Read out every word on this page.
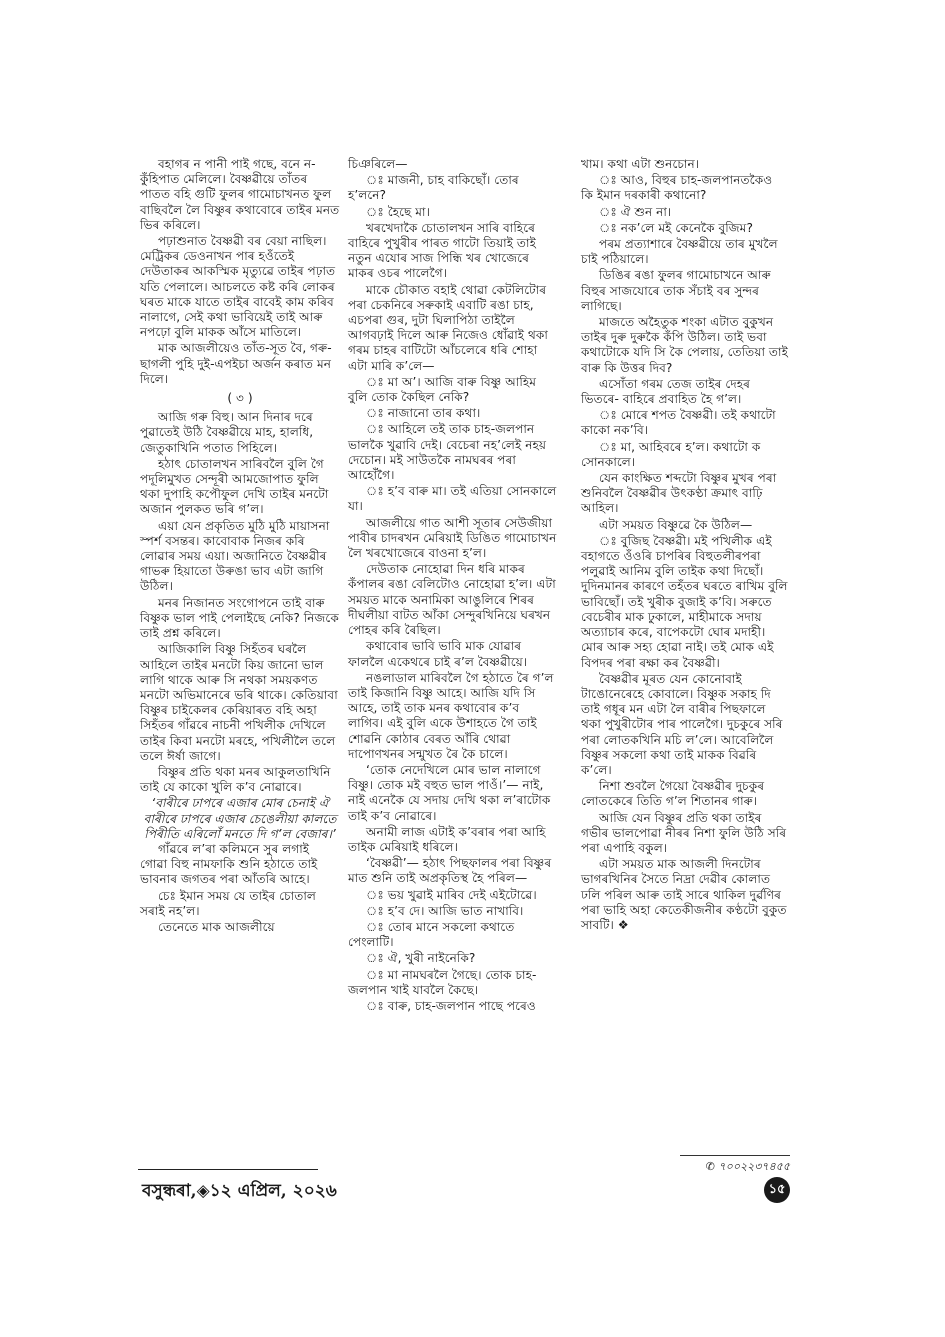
বহাগৰ ন পানী পাই গছে, বনে ন-কুঁহিপাত মেলিলে। বৈষ্ণৱীয়ে তাঁতৰ পাতত বহি গুটি ফুলৰ গামোচাখনত ফুল বাছিবলৈ লৈ বিষ্ণুৰ কথাবোৰে তাইৰ মনত ভিৰ কৰিলে।

পঢ়াশুনাত বৈষ্ণৱী বৰ বেয়া নাছিল। মেট্ৰিকৰ ডেওনাখন পাৰ হওঁতেই দেউতাকৰ আকস্মিক মৃত্যুৱে তাইৰ পঢ়াত যতি পেলালে। আচলতে কষ্ট কৰি লোকৰ ঘৰত মাকে যাতে তাইৰ বাবেই কাম কৰিব নালাগে, সেই কথা ভাবিয়েই তাই আৰু নপঢ়ো বুলি মাকক আঁসে মাতিলে।

মাক আজলীয়েও তাঁত-সূত বৈ, গৰু-ছাগলী পুহি দুই-এপইচা অৰ্জন কৰাত মন দিলে।

( ৩ )

আজি গৰু বিহু। আন দিনাৰ দৰে পুৱাতেই উঠি বৈষ্ণৱীয়ে মাহ, হালধি, জেতুকাখিনি পতাত পিহিলে।

হঠাৎ চোতালখন সাৰিবলৈ বুলি গৈ পদূলিমুখত সেন্দূৰী আমজোপাত ফুলি থকা দুপাহি কপৌফুল দেখি তাইৰ মনটো অজান পুলকত ভৰি গ’ল।

এয়া যেন প্ৰকৃতিত মুঠি মুঠি মায়াসনা স্পৰ্শ বসন্তৰ। কাবোবাক নিজৰ কৰি লোৱাৰ সময় এয়া। অজানিতে বৈষ্ণৱীৰ গাভৰু হিয়াতো উৰুঙা ভাব এটা জাগি উঠিল।

মনৰ নিজানত সংগোপনে তাই বাৰু বিষ্ণুক ভাল পাই পেলাইছে নেকি? নিজকে তাই প্ৰশ্ন কৰিলে।

আজিকালি বিষ্ণু সিহঁতৰ ঘৰলৈ আহিলে তাইৰ মনটো কিয় জানো ভাল লাগি থাকে আৰু সি নথকা সময়কণত মনটো অভিমানেৰে ভৰি থাকে। কেতিয়াবা বিষ্ণুৰ চাইকেলৰ কেৰিয়াৰত বহি অহা সিহঁতৰ গাঁৱৰে নাচনী পখিলীক দেখিলে তাইৰ কিবা মনটো মৰহে, পখিলীলৈ তলে তলে ঈৰ্ষা জাগে।

বিষ্ণুৰ প্ৰতি থকা মনৰ আকুলতাখিনি তাই যে কাকো খুলি ক’ব নোৱাৰে।

‘বাৰীৰে ঢাপৰে এজাৰ মোৰ চেনাই ঐ বাৰীৰে ঢাপৰে এজাৰ চেঙেলীয়া কালতে পিৰীতি এৰিলোঁ মনতে দি গ’ল বেজাৰ।’

গাঁৱৰে ল’ৰা কলিমনে সুৰ লগাই গোৱা বিহু নামফাকি শুনি হঠাতে তাই ভাবনাৰ জগতৰ পৰা আঁতৰি আহে।

চেঃ ইমান সময় যে তাইৰ চোতাল সৰাই নহ’ল।

তেনেতে মাক আজলীয়ে

চিঞৰিলে—

ঃ মাজনী, চাহ বাকিছোঁ। তোৰ হ’লনে?

ঃ হৈছে মা।

খৰখেদাকৈ চোতালখন সাৰি বাহিৰে বাহিৰে পুখুৰীৰ পাৰত গাটো তিয়াই তাই নতুন এযোৰ সাজ পিন্ধি খৰ খোজেৰে মাকৰ ওচৰ পালেগৈ।

মাকে চৌকাত বহাই থোৱা কেটলিটোৰ পৰা চেকনিৰে সৰুকাই এবাটি ৰঙা চাহ, এচপৰা গুৰ, দুটা ঘিলাপিঠা তাইলৈ আগবঢ়াই দিলে আৰু নিজেও ধোঁৱাই থকা গৰম চাহৰ বাটিটো আঁচলেৰে ধৰি শোহা এটা মাৰি ক’লে—

ঃ মা অ’। আজি বাৰু বিষ্ণু আহিম বুলি তোক কৈছিল নেকি?

ঃ নাজানো তাৰ কথা।

ঃ আহিলে তই তাক চাহ-জলপান ভালকৈ খুৱাবি দেই। বেচেৰা নহ’লেই নহয় দেচোন। মই সাউতকৈ নামঘৰৰ পৰা আহোঁগৈ।

ঃ হ’ব বাৰু মা। তই এতিয়া সোনকালে যা।

আজলীয়ে গাত আশী সূতাৰ সেউজীয়া পাবীৰ চাদৰখন মেৰিয়াই ডিঙিত গামোচাখন লৈ খৰখোজেৰে বাওনা হ’ল।

দেউতাক নোহোৱা দিন ধৰি মাকৰ কঁপালৰ ৰঙা বেলিটোও নোহোৱা হ’ল। এটা সময়ত মাকে অনামিকা আঙুলিৰে শিৰৰ দীঘলীয়া বাটত আঁকা সেন্দুৰখিনিয়ে ঘৰখন পোহৰ কৰি ৰৈছিল।

কথাবোৰ ভাবি ভাবি মাক যোৱাৰ ফাললৈ একেথৰে চাই ৰ’ল বৈষ্ণৱীয়ে।

নঙলাডাল মাৰিবলৈ গৈ হঠাতে ৰৈ গ’ল তাই কিজানি বিষ্ণু আহে। আজি যদি সি আহে, তাই তাক মনৰ কথাবোৰ ক’ব লাগিব। এই বুলি একে উশাহতে গৈ তাই শোৱনি কোঠাৰ বেৰত আঁৰি থোৱা দাপোণখনৰ সন্মুখত ৰৈ কৈ চালে।

‘তোক নেদেখিলে মোৰ ভাল নালাগে বিষ্ণু। তোক মই বহুত ভাল পাওঁ।’— নাই, নাই এনেকৈ যে সদায় দেখি থকা ল’ৰাটোক তাই ক’ব নোৱাৰে।

অনামী লাজ এটাই ক’বৰাৰ পৰা আহি তাইক মেৰিয়াই ধৰিলে।

‘বৈষ্ণৱী’— হঠাৎ পিছফালৰ পৰা বিষ্ণুৰ মাত শুনি তাই অপ্ৰকৃতিস্থ হৈ পৰিল—

ঃ ভয় খুৱাই মাৰিব দেই এইটোৱে।

ঃ হ’ব দে। আজি ভাত নাখাবি।

ঃ তোৰ মানে সকলো কথাতে পেংলাটি।

ঃ ঐ, খুৰী নাইনেকি?

ঃ মা নামঘৰলৈ গৈছে। তোক চাহ-জলপান খাই যাবলৈ কৈছে।

ঃ বাৰু, চাহ-জলপান পাছে পৰেও

খাম। কথা এটা শুনচোন।

ঃ আও, বিহুৰ চাহ-জলপানতকৈও কি ইমান দৰকাৰী কথানো?

ঃ ঐ শুন না।

ঃ নক’লে মই কেনেকৈ বুজিম?

পৰম প্ৰত্যাশাৰে বৈষ্ণৱীয়ে তাৰ মুখলৈ চাই পঠিয়ালে।

ডিঙিৰ ৰঙা ফুলৰ গামোচাখনে আৰু বিহুৰ সাজযোৰে তাক সঁচাই বৰ সুন্দৰ লাগিছে।

মাজতে অহৈতুক শংকা এটাত বুকুখন তাইৰ দুৰু দুৰুকৈ কঁপি উঠিল। তাই ভবা কথাটোকে যদি সি কৈ পেলায়, তেতিয়া তাই বাৰু কি উত্তৰ দিব?

এসোঁতা গৰম তেজ তাইৰ দেহৰ ভিতৰে- বাহিৰে প্ৰবাহিত হৈ গ’ল।

ঃ মোৰে শপত বৈষ্ণৱী। তই কথাটো কাকো নক’বি।

ঃ মা, আহিবৰে হ’ল। কথাটো ক সোনকালে।

যেন কাংক্ষিত শব্দটো বিষ্ণুৰ মুখৰ পৰা শুনিবলৈ বৈষ্ণৱীৰ উৎকণ্ঠা ক্ৰমাৎ বাঢ়ি আহিল।

এটা সময়ত বিষ্ণুৱে কৈ উঠিল—

ঃ বুজিছ বৈষ্ণৱী। মই পখিলীক এই বহাগতে ওঁওৰি চাপৰিৰ বিহুতলীৰপৰা পলুৱাই আনিম বুলি তাইক কথা দিছোঁ। দুদিনমানৰ কাৰণে তহঁতৰ ঘৰতে ৰাখিম বুলি ভাবিছোঁ। তই খুৰীক বুজাই ক’বি। সৰুতে বেচেৰীৰ মাক ঢুকালে, মাহীমাকে সদায় অত্যাচাৰ কৰে, বাপেকটো ঘোৰ মদাহী। মোৰ আৰু সহ্য হোৱা নাই। তই মোক এই বিপদৰ পৰা ৰক্ষা কৰ বৈষ্ণৱী।

বৈষ্ণৱীৰ মূৰত যেন কোনোবাই টাঙোনেৰেহে কোবালে। বিষ্ণুক সকাহ দি তাই গধূৰ মন এটা লৈ বাৰীৰ পিছফালে থকা পুখুৰীটোৰ পাৰ পালেগৈ। দুচকুৰে সৰি পৰা লোতকখিনি মচি ল’লে। আবেলিলৈ বিষ্ণুৰ সকলো কথা তাই মাকক বিৱৰি ক’লে।

নিশা শুবলৈ গৈয়ো বৈষ্ণৱীৰ দুচকুৰ লোতকেৰে তিতি গ’ল শিতানৰ গাৰু।

আজি যেন বিষ্ণুৰ প্ৰতি থকা তাইৰ গভীৰ ভালপোৱা নীৰৰ নিশা ফুলি উঠি সৰি পৰা এপাহি বকুল।

এটা সময়ত মাক আজলী দিনটোৰ ভাগৰখিনিৰ সৈতে নিদ্ৰা দেৱীৰ কোলাত ঢলি পৰিল আৰু তাই সাৰে থাকিল দুৰ্ৱণিৰ পৰা ভাহি অহা কেতেকীজনীৰ কণ্ঠটো বুকুত সাবটি। ❖

✆ ৭০০২২৩৭৪৫৫
বসুন্ধৰা,◈১২ এপ্ৰিল, ২০২৬	১৫
